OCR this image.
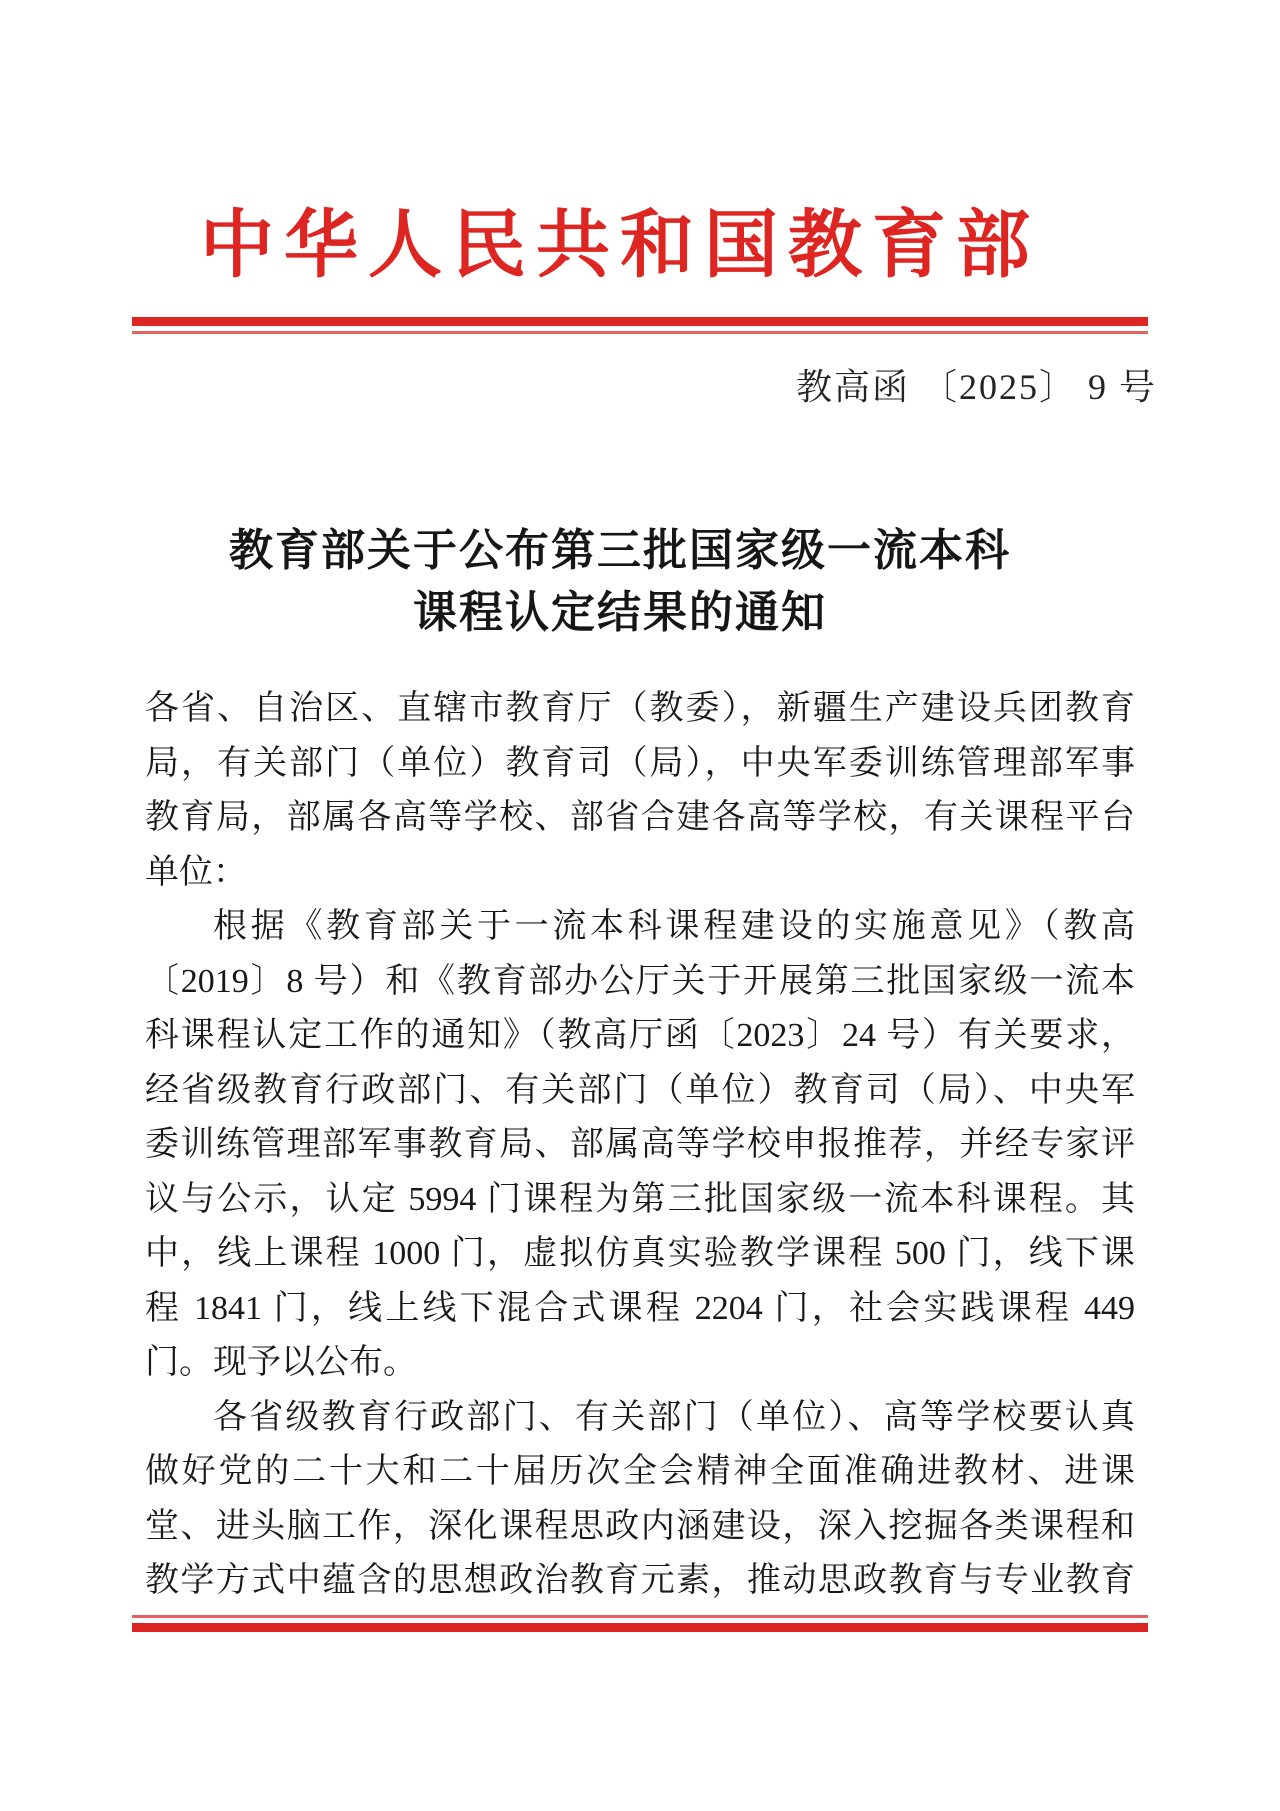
中华人民共和国教育部
教高函 〔2025〕 9 号
教育部关于公布第三批国家级一流本科
课程认定结果的通知
各省、自治区、直辖市教育厅（教委），新疆生产建设兵团教育
局，有关部门（单位）教育司（局），中央军委训练管理部军事
教育局，部属各高等学校、部省合建各高等学校，有关课程平台
单位：
根据《教育部关于一流本科课程建设的实施意见》（教高
〔2019〕8 号）和《教育部办公厅关于开展第三批国家级一流本
科课程认定工作的通知》（教高厅函〔2023〕24 号）有关要求，
经省级教育行政部门、有关部门（单位）教育司（局）、中央军
委训练管理部军事教育局、部属高等学校申报推荐，并经专家评
议与公示，认定 5994 门课程为第三批国家级一流本科课程。其
中，线上课程 1000 门，虚拟仿真实验教学课程 500 门，线下课
程 1841 门，线上线下混合式课程 2204 门，社会实践课程 449
门。现予以公布。
各省级教育行政部门、有关部门（单位）、高等学校要认真
做好党的二十大和二十届历次全会精神全面准确进教材、进课
堂、进头脑工作，深化课程思政内涵建设，深入挖掘各类课程和
教学方式中蕴含的思想政治教育元素，推动思政教育与专业教育
